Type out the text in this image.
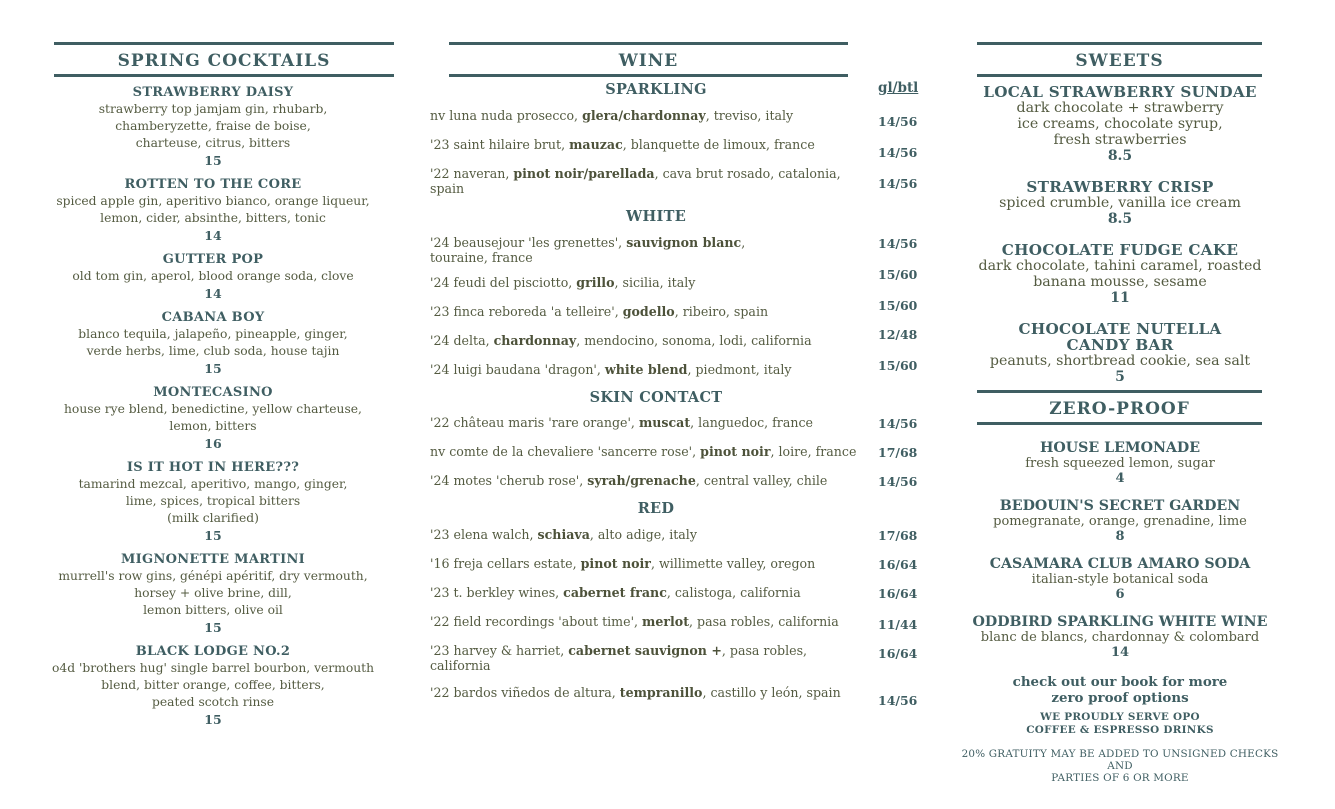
SPRING COCKTAILS
STRAWBERRY DAISY
strawberry top jamjam gin, rhubarb,
chamberyzette, fraise de boise,
charteuse, citrus, bitters
15
ROTTEN TO THE CORE
spiced apple gin, aperitivo bianco, orange liqueur,
lemon, cider, absinthe, bitters, tonic
14
GUTTER POP
old tom gin, aperol, blood orange soda, clove
14
CABANA BOY
blanco tequila, jalapeño, pineapple, ginger,
verde herbs, lime, club soda, house tajin
15
MONTECASINO
house rye blend, benedictine, yellow charteuse,
lemon, bitters
16
IS IT HOT IN HERE???
tamarind mezcal, aperitivo, mango, ginger,
lime, spices, tropical bitters
(milk clarified)
15
MIGNONETTE MARTINI
murrell's row gins, génépi apéritif, dry vermouth,
horsey + olive brine, dill,
lemon bitters, olive oil
15
BLACK LODGE NO.2
o4d 'brothers hug' single barrel bourbon, vermouth
blend, bitter orange, coffee, bitters,
peated scotch rinse
15
WINE
gl/btl
SPARKLING
nv luna nuda prosecco, glera/chardonnay, treviso, italy	14/56
'23 saint hilaire brut, mauzac, blanquette de limoux, france
14/56
'22 naveran, pinot noir/parellada, cava brut rosado, catalonia, spain	14/56
WHITE
'24 beausejour 'les grenettes', sauvignon blanc, touraine, france
14/56
'24 feudi del pisciotto, grillo, sicilia, italy
15/60
'23 finca reboreda 'a telleire', godello, ribeiro, spain	15/60
'24 delta, chardonnay, mendocino, sonoma, lodi, california	12/48
'24 luigi baudana 'dragon', white blend, piedmont, italy	15/60
SKIN CONTACT
'22 château maris 'rare orange', muscat, languedoc, france	14/56
nv comte de la chevaliere 'sancerre rose', pinot noir, loire, france	17/68
'24 motes 'cherub rose', syrah/grenache, central valley, chile	14/56
RED
'23 elena walch, schiava, alto adige, italy	17/68
'16 freja cellars estate, pinot noir, willimette valley, oregon	16/64
'23 t. berkley wines, cabernet franc, calistoga, california	16/64
'22 field recordings 'about time', merlot, pasa robles, california	11/44
'23 harvey & harriet, cabernet sauvignon +, pasa robles, california
16/64
'22 bardos viñedos de altura, tempranillo, castillo y león, spain
14/56
SWEETS
LOCAL STRAWBERRY SUNDAE
dark chocolate + strawberry
ice creams, chocolate syrup,
fresh strawberries
8.5
STRAWBERRY CRISP
spiced crumble, vanilla ice cream
8.5
CHOCOLATE FUDGE CAKE
dark chocolate, tahini caramel, roasted
banana mousse, sesame
11
CHOCOLATE NUTELLA
CANDY BAR
peanuts, shortbread cookie, sea salt
5
ZERO-PROOF
HOUSE LEMONADE
fresh squeezed lemon, sugar
4
BEDOUIN'S SECRET GARDEN
pomegranate, orange, grenadine, lime
8
CASAMARA CLUB AMARO SODA
italian-style botanical soda
6
ODDBIRD SPARKLING WHITE WINE
blanc de blancs, chardonnay & colombard
14
check out our book for more
zero proof options
WE PROUDLY SERVE OPO
COFFEE & ESPRESSO DRINKS
20% GRATUITY MAY BE ADDED TO UNSIGNED CHECKS AND
PARTIES OF 6 OR MORE
